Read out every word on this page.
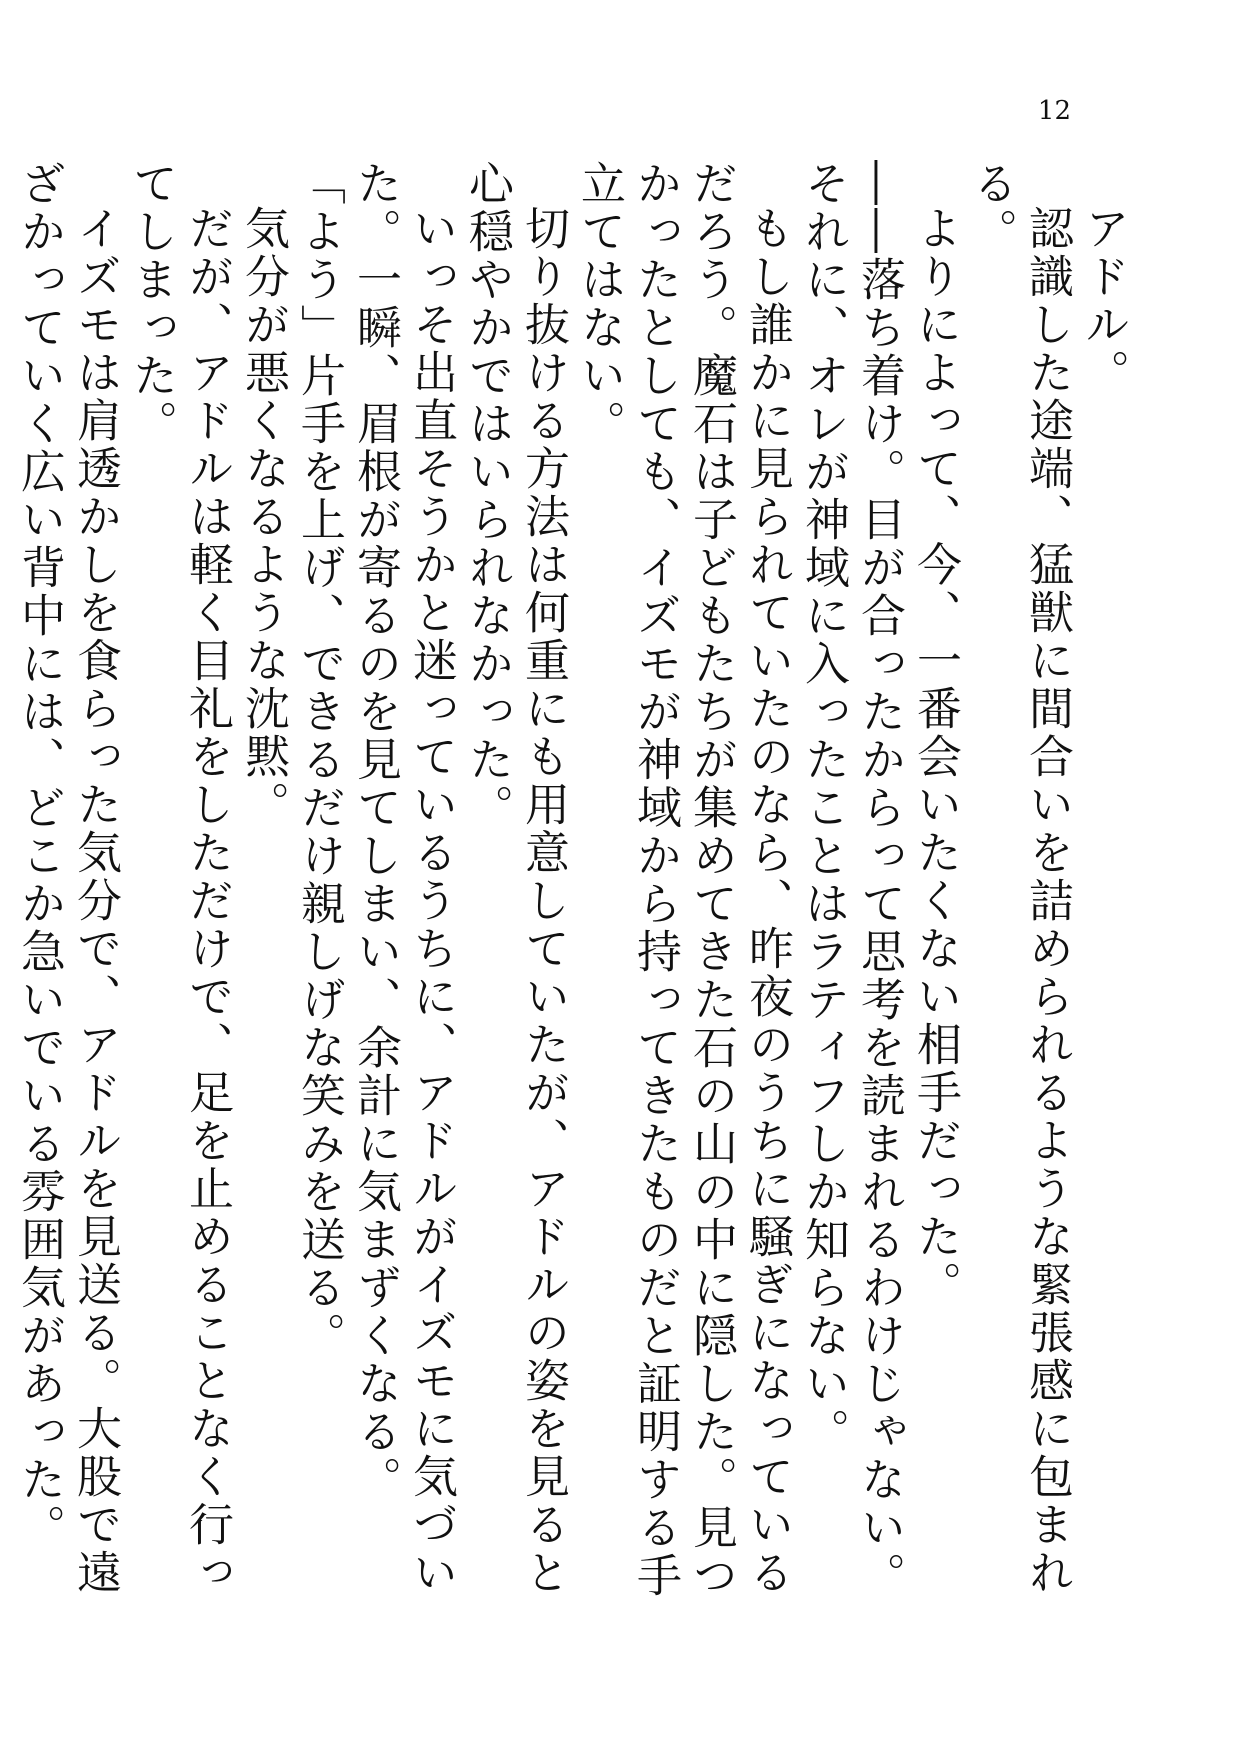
12

アドル。

認識した途端、猛獣に間合いを詰められるような緊張感に包まれる。

よりによって、今、一番会いたくない相手だった。

――落ち着け。目が合ったからって思考を読まれるわけじゃない。それに、オレが神域に入ったことはラティフしか知らない。

もし誰かに見られていたのなら、昨夜のうちに騒ぎになっているだろう。魔石は子どもたちが集めてきた石の山の中に隠した。見つかったとしても、イズモが神域から持ってきたものだと証明する手立てはない。

切り抜ける方法は何重にも用意していたが、アドルの姿を見ると心穏やかではいられなかった。

いっそ出直そうかと迷っているうちに、アドルがイズモに気づいた。一瞬、眉根が寄るのを見てしまい、余計に気まずくなる。

「よう」片手を上げ、できるだけ親しげな笑みを送る。

気分が悪くなるような沈黙。

だが、アドルは軽く目礼をしただけで、足を止めることなく行ってしまった。

イズモは肩透かしを食らった気分で、アドルを見送る。大股で遠ざかっていく広い背中には、どこか急いでいる雰囲気があった。
